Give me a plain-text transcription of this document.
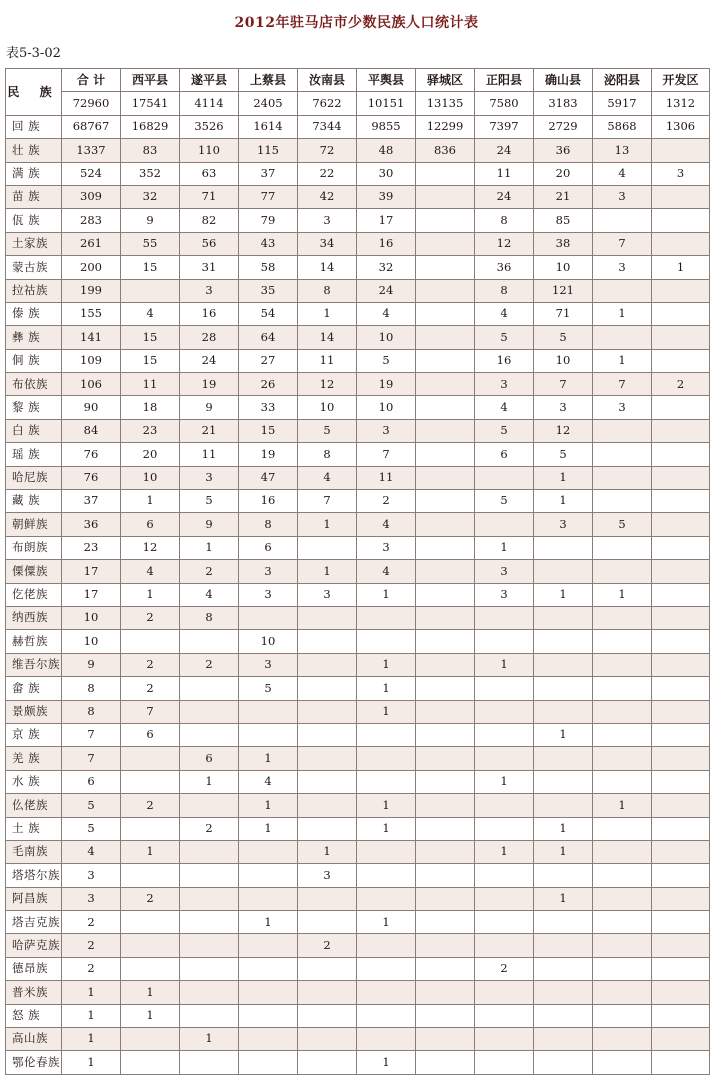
2012年驻马店市少数民族人口统计表
表5-3-02
民 族	合 计	西平县	遂平县	上蔡县	汝南县	平舆县	驿城区	正阳县	确山县	泌阳县	开发区
	72960	17541	4114	2405	7622	10151	13135	7580	3183	5917	1312
回 族	68767	16829	3526	1614	7344	9855	12299	7397	2729	5868	1306
壮 族	1337	83	110	115	72	48	836	24	36	13	
满 族	524	352	63	37	22	30		11	20	4	3
苗 族	309	32	71	77	42	39		24	21	3	
佤 族	283	9	82	79	3	17		8	85		
土家族	261	55	56	43	34	16		12	38	7	
蒙古族	200	15	31	58	14	32		36	10	3	1
拉祜族	199		3	35	8	24		8	121		
傣 族	155	4	16	54	1	4		4	71	1	
彝 族	141	15	28	64	14	10		5	5		
侗 族	109	15	24	27	11	5		16	10	1	
布依族	106	11	19	26	12	19		3	7	7	2
黎 族	90	18	9	33	10	10		4	3	3	
白 族	84	23	21	15	5	3		5	12		
瑶 族	76	20	11	19	8	7		6	5		
哈尼族	76	10	3	47	4	11			1		
藏 族	37	1	5	16	7	2		5	1		
朝鲜族	36	6	9	8	1	4			3	5	
布朗族	23	12	1	6		3		1			
傈僳族	17	4	2	3	1	4		3			
仡佬族	17	1	4	3	3	1		3	1	1	
纳西族	10	2	8								
赫哲族	10			10							
维吾尔族	9	2	2	3		1		1			
畲 族	8	2		5		1					
景颇族	8	7				1					
京 族	7	6							1		
羌 族	7		6	1							
水 族	6		1	4				1			
仫佬族	5	2		1		1				1	
土 族	5		2	1		1			1		
毛南族	4	1			1			1	1		
塔塔尔族	3				3						
阿昌族	3	2							1		
塔吉克族	2			1		1					
哈萨克族	2				2						
德昂族	2							2			
普米族	1	1									
怒 族	1	1									
高山族	1		1								
鄂伦春族	1					1					
